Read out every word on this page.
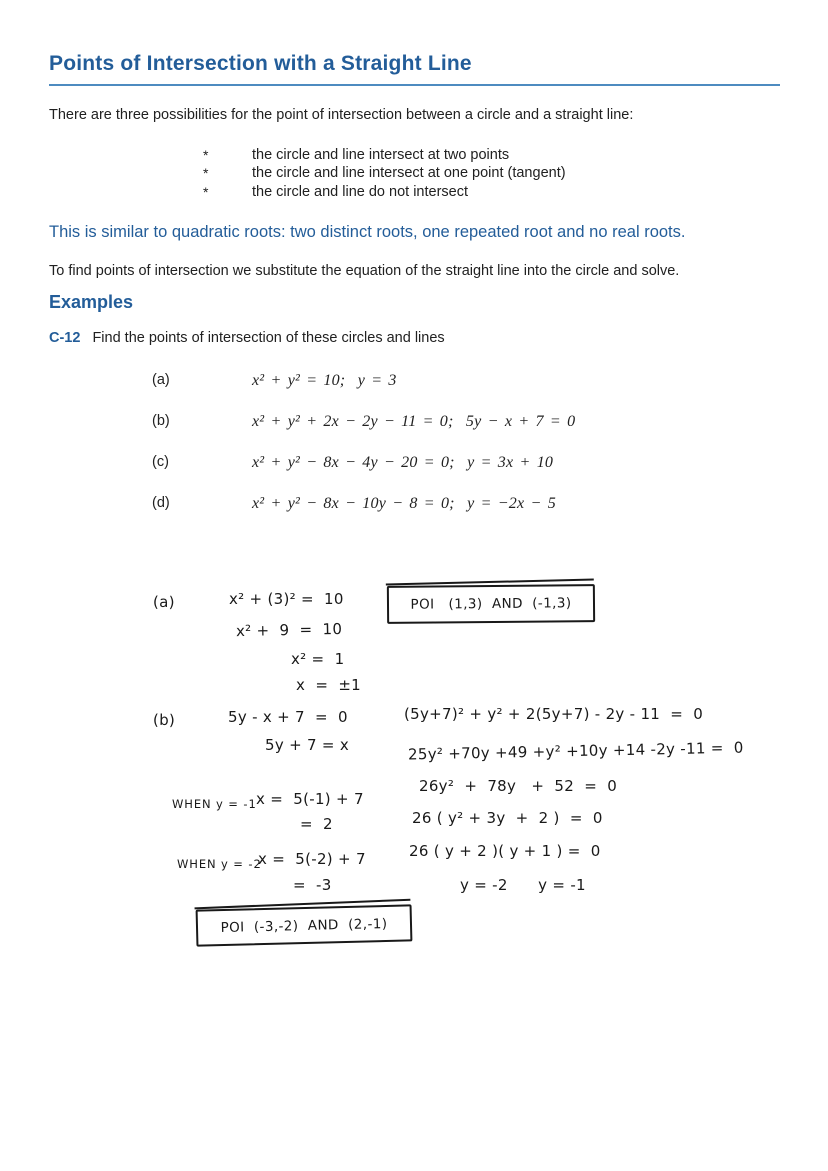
Points of Intersection with a Straight Line

There are three possibilities for the point of intersection between a circle and a straight line:

*	the circle and line intersect at two points
*	the circle and line intersect at one point (tangent)
*	the circle and line do not intersect

This is similar to quadratic roots: two distinct roots, one repeated root and no real roots.

To find points of intersection we substitute the equation of the straight line into the circle and solve.

Examples
C-12 Find the points of intersection of these circles and lines
(a)	x² + y² = 10;  y = 3
(b)	x² + y² + 2x − 2y − 11 = 0;  5y − x + 7 = 0
(c)	x² + y² − 8x − 4y − 20 = 0;  y = 3x + 10
(d)	x² + y² − 8x − 10y − 8 = 0;  y = −2x − 5
(a)	x² + (3)² =  10
x² +  9  =  10
x² =  1
x  =  ±1
POI   (1,3)  AND  (-1,3)
(b)	5y - x + 7  =  0
5y + 7 = x
WHEN y = -1 x =  5(-1) + 7
=  2
WHEN y = -2
x =  5(-2) + 7
=  -3
(5y+7)² + y² + 2(5y+7) - 2y - 11  =  0
25y² +70y +49 +y² +10y +14 -2y -11 =  0
26y²  +  78y   +  52  =  0
26 ( y² + 3y  +  2 )  =  0
26 ( y + 2 )( y + 1 ) =  0
y = -2      y = -1
POI  (-3,-2)  AND  (2,-1)
